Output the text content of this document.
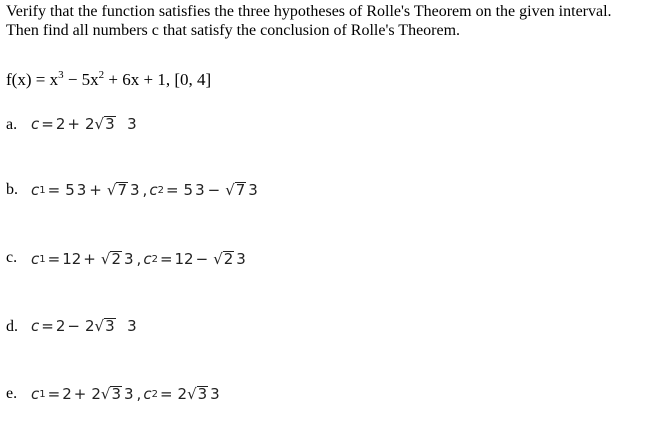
Verify that the function satisfies the three hypotheses of Rolle's Theorem on the given interval.
Then find all numbers c that satisfy the conclusion of Rolle's Theorem.
$f(x) = x^3 - 5x^2 + 6x + 1$, [0, 4]
a. c = 2 + 2√3 3
b. c 1 = 5 3 + √7 3 , c 2 = 5 3 − √7 3
c. c 1 = 12 + √2 3 , c 2 = 12 − √2 3
d. c = 2 − 2√3 3
e. c 1 = 2 + 2√3 3 , c 2 = 2√3 3
